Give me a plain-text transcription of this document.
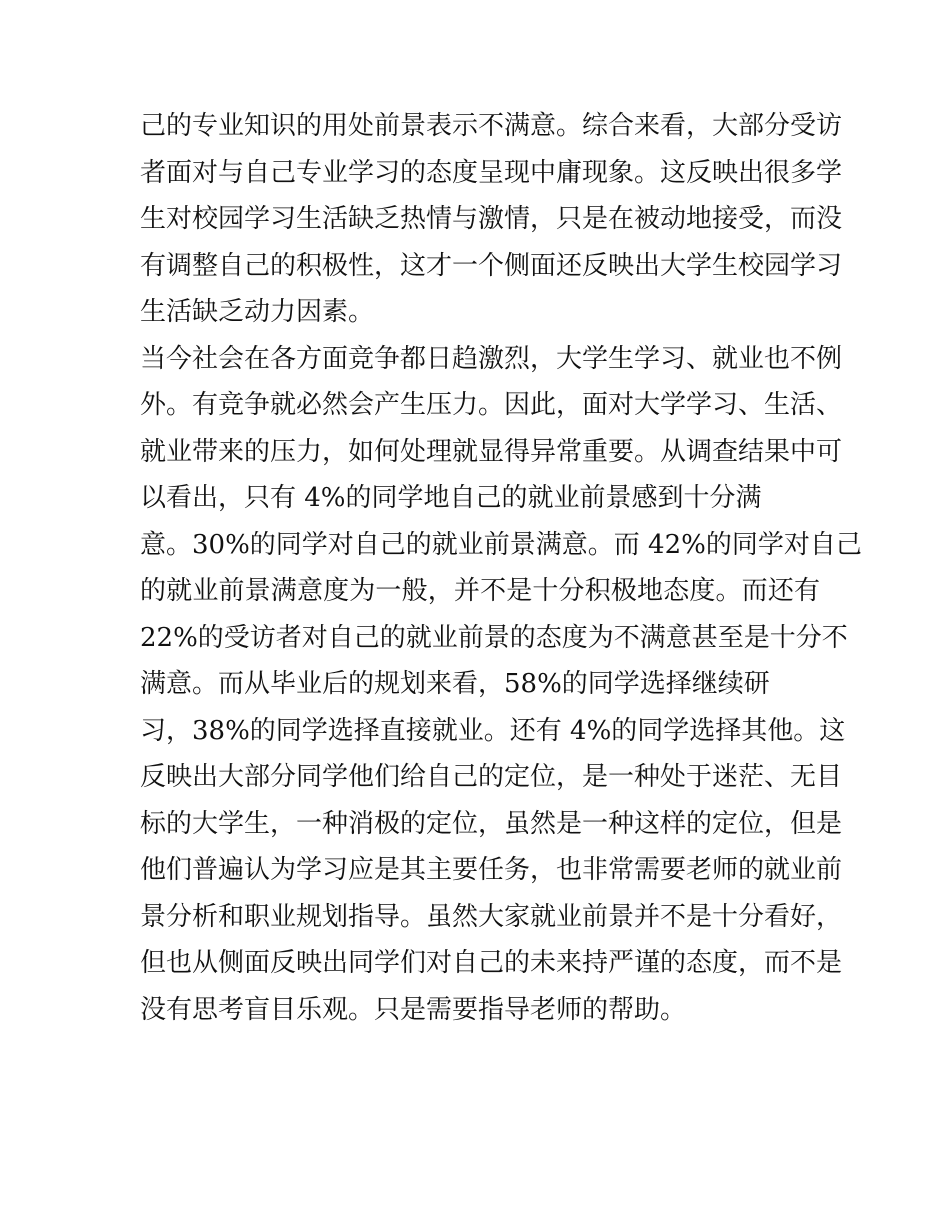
己的专业知识的用处前景表示不满意。综合来看，大部分受访
者面对与自己专业学习的态度呈现中庸现象。这反映出很多学
生对校园学习生活缺乏热情与激情，只是在被动地接受，而没
有调整自己的积极性，这才一个侧面还反映出大学生校园学习
生活缺乏动力因素。
当今社会在各方面竞争都日趋激烈，大学生学习、就业也不例
外。有竞争就必然会产生压力。因此，面对大学学习、生活、
就业带来的压力，如何处理就显得异常重要。从调查结果中可
以看出，只有 4%的同学地自己的就业前景感到十分满
意。30%的同学对自己的就业前景满意。而 42%的同学对自己
的就业前景满意度为一般，并不是十分积极地态度。而还有
22%的受访者对自己的就业前景的态度为不满意甚至是十分不
满意。而从毕业后的规划来看，58%的同学选择继续研
习，38%的同学选择直接就业。还有 4%的同学选择其他。这
反映出大部分同学他们给自己的定位，是一种处于迷茫、无目
标的大学生，一种消极的定位，虽然是一种这样的定位，但是
他们普遍认为学习应是其主要任务，也非常需要老师的就业前
景分析和职业规划指导。虽然大家就业前景并不是十分看好，
但也从侧面反映出同学们对自己的未来持严谨的态度，而不是
没有思考盲目乐观。只是需要指导老师的帮助。
